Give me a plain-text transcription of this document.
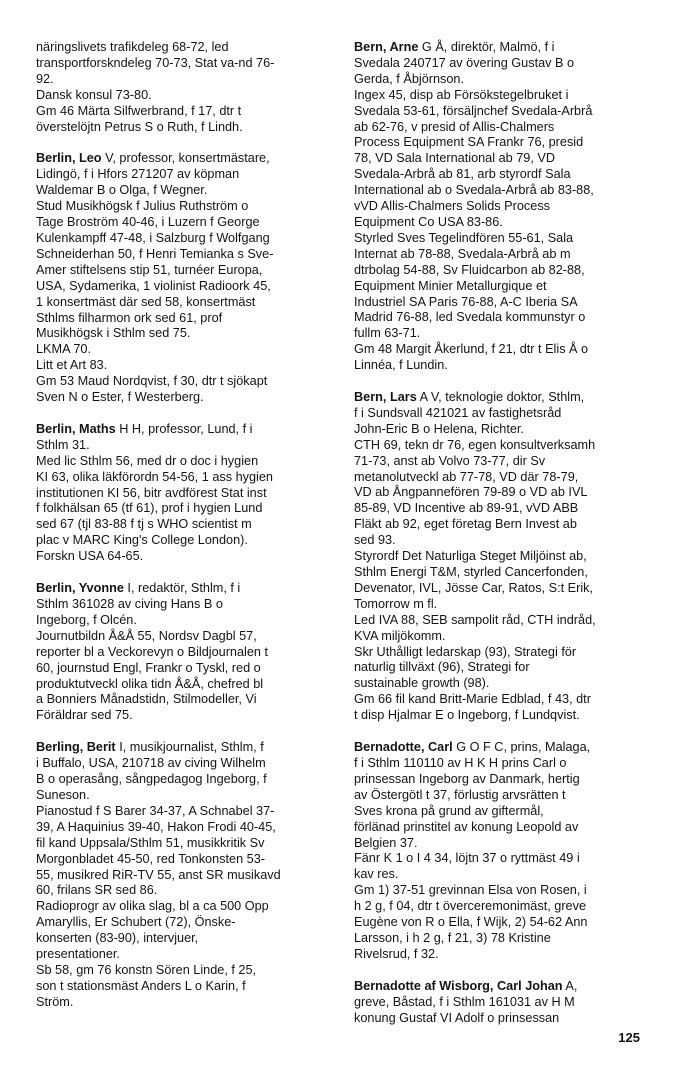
näringslivets trafikdeleg 68-72, led
transportforskndeleg 70-73, Stat va-nd 76-
92.
Dansk konsul 73-80.
Gm 46 Märta Silfwerbrand, f 17, dtr t
överstelöjtn Petrus S o Ruth, f Lindh.
Berlin, Leo V, professor, konsertmästare,
Lidingö, f i Hfors 271207 av köpman
Waldemar B o Olga, f Wegner.
Stud Musikhögsk f Julius Ruthström o
Tage Broström 40-46, i Luzern f George
Kulenkampff 47-48, i Salzburg f Wolfgang
Schneiderhan 50, f Henri Temianka s Sve-
Amer stiftelsens stip 51, turnéer Europa,
USA, Sydamerika, 1 violinist Radioork 45,
1 konsertmäst där sed 58, konsertmäst
Sthlms filharmon ork sed 61, prof
Musikhögsk i Sthlm sed 75.
LKMA 70.
Litt et Art 83.
Gm 53 Maud Nordqvist, f 30, dtr t sjökapt
Sven N o Ester, f Westerberg.
Berlin, Maths H H, professor, Lund, f i
Sthlm 31.
Med lic Sthlm 56, med dr o doc i hygien
KI 63, olika läkförordn 54-56, 1 ass hygien
institutionen KI 56, bitr avdförest Stat inst
f folkhälsan 65 (tf 61), prof i hygien Lund
sed 67 (tjl 83-88 f tj s WHO scientist m
plac v MARC King's College London).
Forskn USA 64-65.
Berlin, Yvonne I, redaktör, Sthlm, f i
Sthlm 361028 av civing Hans B o
Ingeborg, f Olcén.
Journutbildn Å&Å 55, Nordsv Dagbl 57,
reporter bl a Veckorevyn o Bildjournalen t
60, journstud Engl, Frankr o Tyskl, red o
produktutveckl olika tidn Å&Å, chefred bl
a Bonniers Månadstidn, Stilmodeller, Vi
Föräldrar sed 75.
Berling, Berit I, musikjournalist, Sthlm, f
i Buffalo, USA, 210718 av civing Wilhelm
B o operasång, sångpedagog Ingeborg, f
Suneson.
Pianostud f S Barer 34-37, A Schnabel 37-
39, A Haquinius 39-40, Hakon Frodi 40-45,
fil kand Uppsala/Sthlm 51, musikkritik Sv
Morgonbladet 45-50, red Tonkonsten 53-
55, musikred RiR-TV 55, anst SR musikavd
60, frilans SR sed 86.
Radioprogr av olika slag, bl a ca 500 Opp
Amaryllis, Er Schubert (72), Önske-
konserten (83-90), intervjuer,
presentationer.
Sb 58, gm 76 konstn Sören Linde, f 25,
son t stationsmäst Anders L o Karin, f
Ström.
Bern, Arne G Å, direktör, Malmö, f i
Svedala 240717 av övering Gustav B o
Gerda, f Åbjörnson.
Ingex 45, disp ab Försökstegelbruket i
Svedala 53-61, försäljnchef Svedala-Arbrå
ab 62-76, v presid of Allis-Chalmers
Process Equipment SA Frankr 76, presid
78, VD Sala International ab 79, VD
Svedala-Arbrå ab 81, arb styrordf Sala
International ab o Svedala-Arbrå ab 83-88,
vVD Allis-Chalmers Solids Process
Equipment Co USA 83-86.
Styrled Sves Tegelindfören 55-61, Sala
Internat ab 78-88, Svedala-Arbrå ab m
dtrbolag 54-88, Sv Fluidcarbon ab 82-88,
Equipment Minier Metallurgique et
Industriel SA Paris 76-88, A-C Iberia SA
Madrid 76-88, led Svedala kommunstyr o
fullm 63-71.
Gm 48 Margit Åkerlund, f 21, dtr t Elis Å o
Linnéa, f Lundin.
Bern, Lars A V, teknologie doktor, Sthlm,
f i Sundsvall 421021 av fastighetsråd
John-Eric B o Helena, Richter.
CTH 69, tekn dr 76, egen konsultverksamh
71-73, anst ab Volvo 73-77, dir Sv
metanolutveckl ab 77-78, VD där 78-79,
VD ab Ångpannefören 79-89 o VD ab IVL
85-89, VD Incentive ab 89-91, vVD ABB
Fläkt ab 92, eget företag Bern Invest ab
sed 93.
Styrordf Det Naturliga Steget Miljöinst ab,
Sthlm Energi T&M, styrled Cancerfonden,
Devenator, IVL, Jösse Car, Ratos, S:t Erik,
Tomorrow m fl.
Led IVA 88, SEB sampolit råd, CTH indråd,
KVA miljökomm.
Skr Uthålligt ledarskap (93), Strategi för
naturlig tillväxt (96), Strategi for
sustainable growth (98).
Gm 66 fil kand Britt-Marie Edblad, f 43, dtr
t disp Hjalmar E o Ingeborg, f Lundqvist.
Bernadotte, Carl G O F C, prins, Malaga,
f i Sthlm 110110 av H K H prins Carl o
prinsessan Ingeborg av Danmark, hertig
av Östergötl t 37, förlustig arvsrätten t
Sves krona på grund av giftermål,
förlänad prinstitel av konung Leopold av
Belgien 37.
Fänr K 1 o I 4 34, löjtn 37 o ryttmäst 49 i
kav res.
Gm 1) 37-51 grevinnan Elsa von Rosen, i
h 2 g, f 04, dtr t överceremonimäst, greve
Eugène von R o Ella, f Wijk, 2) 54-62 Ann
Larsson, i h 2 g, f 21, 3) 78 Kristine
Rivelsrud, f 32.
Bernadotte af Wisborg, Carl Johan A,
greve, Båstad, f i Sthlm 161031 av H M
konung Gustaf VI Adolf o prinsessan
125
